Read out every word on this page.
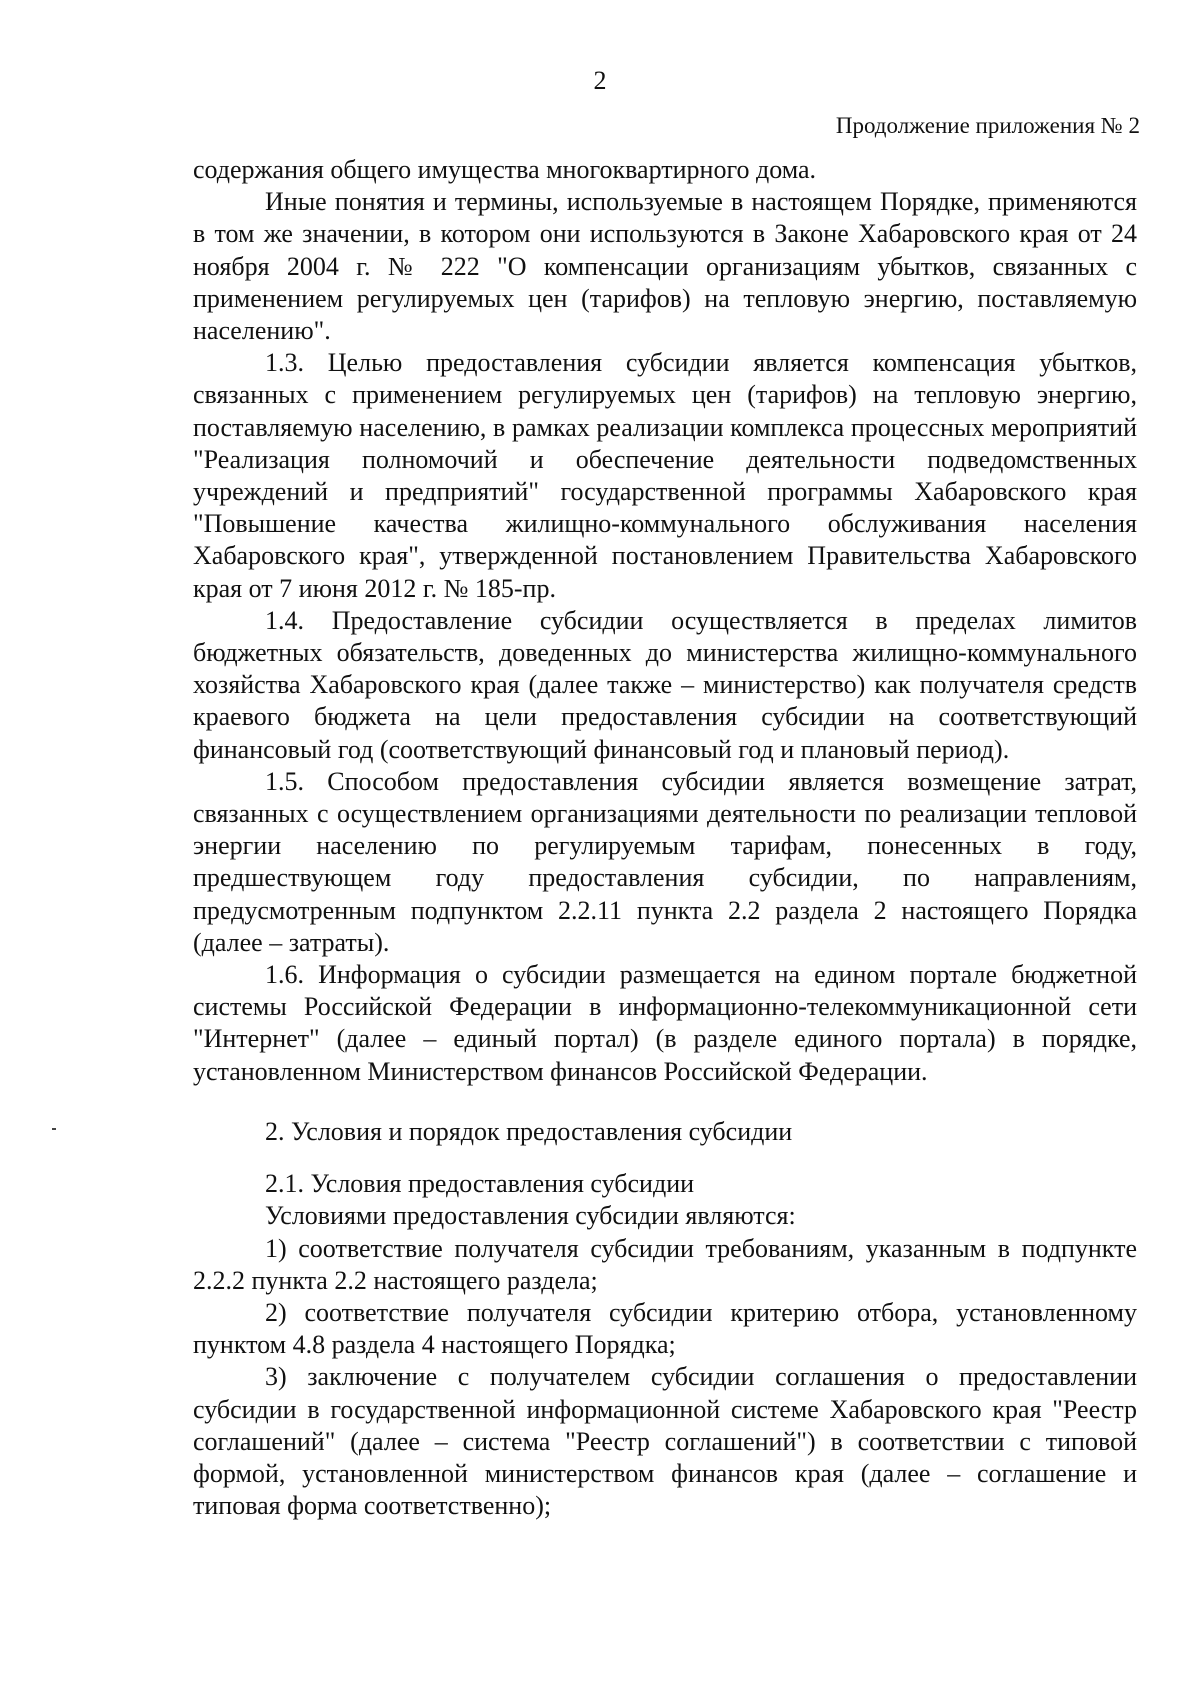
2
Продолжение приложения № 2

содержания общего имущества многоквартирного дома.

Иные понятия и термины, используемые в настоящем Порядке, применяются в том же значении, в котором они используются в Законе Хабаровского края от 24 ноября 2004 г. № 222 "О компенсации организациям убытков, связанных с применением регулируемых цен (тарифов) на тепловую энергию, поставляемую населению".

1.3. Целью предоставления субсидии является компенсация убытков, связанных с применением регулируемых цен (тарифов) на тепловую энергию, поставляемую населению, в рамках реализации комплекса процессных мероприятий "Реализация полномочий и обеспечение деятельности подведомственных учреждений и предприятий" государственной программы Хабаровского края "Повышение качества жилищно-коммунального обслуживания населения Хабаровского края", утвержденной постановлением Правительства Хабаровского края от 7 июня 2012 г. № 185-пр.

1.4. Предоставление субсидии осуществляется в пределах лимитов бюджетных обязательств, доведенных до министерства жилищно-коммунального хозяйства Хабаровского края (далее также – министерство) как получателя средств краевого бюджета на цели предоставления субсидии на соответствующий финансовый год (соответствующий финансовый год и плановый период).

1.5. Способом предоставления субсидии является возмещение затрат, связанных с осуществлением организациями деятельности по реализации тепловой энергии населению по регулируемым тарифам, понесенных в году, предшествующем году предоставления субсидии, по направлениям, предусмотренным подпунктом 2.2.11 пункта 2.2 раздела 2 настоящего Порядка (далее – затраты).

1.6. Информация о субсидии размещается на едином портале бюджетной системы Российской Федерации в информационно-телекоммуникационной сети "Интернет" (далее – единый портал) (в разделе единого портала) в порядке, установленном Министерством финансов Российской Федерации.

2. Условия и порядок предоставления субсидии

2.1. Условия предоставления субсидии

Условиями предоставления субсидии являются:

1) соответствие получателя субсидии требованиям, указанным в подпункте 2.2.2 пункта 2.2 настоящего раздела;

2) соответствие получателя субсидии критерию отбора, установленному пунктом 4.8 раздела 4 настоящего Порядка;

3) заключение с получателем субсидии соглашения о предоставлении субсидии в государственной информационной системе Хабаровского края "Реестр соглашений" (далее – система "Реестр соглашений") в соответствии с типовой формой, установленной министерством финансов края (далее – соглашение и типовая форма соответственно);
